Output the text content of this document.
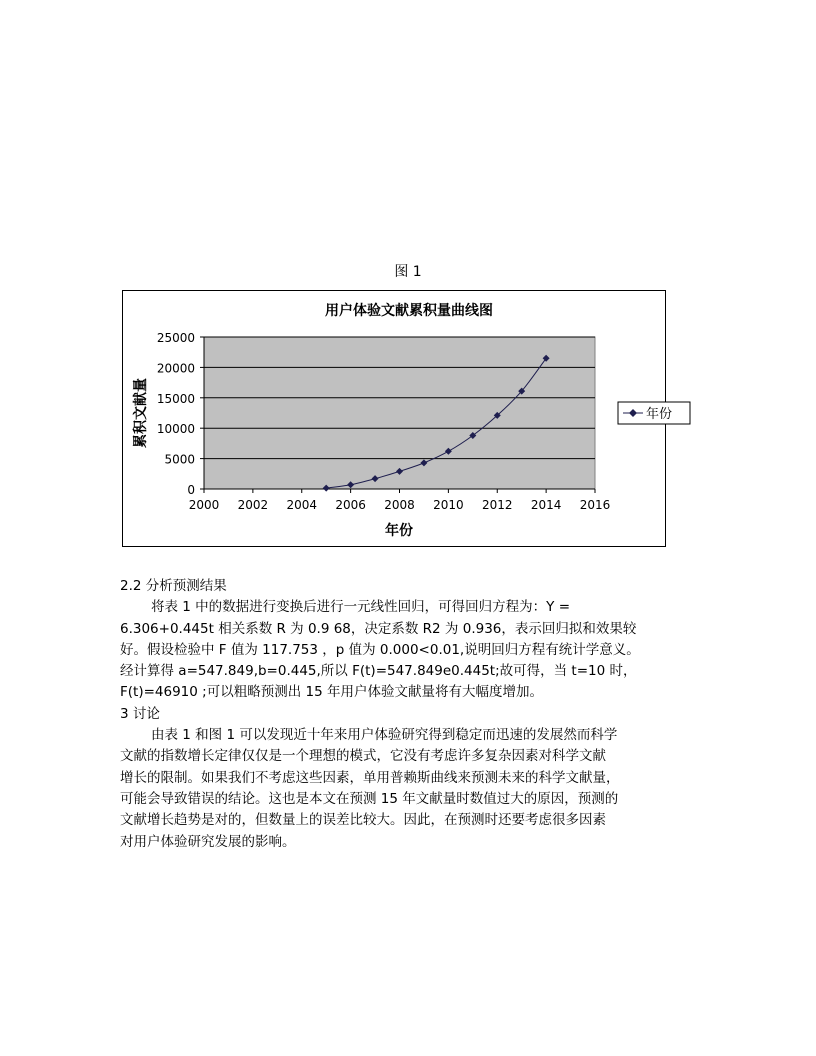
图 1
用户体验文献累积量曲线图
0
5000
10000
15000
20000
25000
2000 2002 2004 2006 2008 2010 2012 2014 2016
年份
累积文献量	年份

2.2 分析预测结果

将表 1 中的数据进行变换后进行一元线性回归，可得回归方程为：Y =

6.306+0.445t 相关系数 R 为 0.9 68，决定系数 R2 为 0.936，表示回归拟和效果较

好。假设检验中 F 值为 117.753 ，p 值为 0.000<0.01,说明回归方程有统计学意义。

经计算得 a=547.849,b=0.445,所以 F(t)=547.849e0.445t;故可得，当 t=10 时，

F(t)=46910 ;可以粗略预测出 15 年用户体验文献量将有大幅度增加。

3 讨论

由表 1 和图 1 可以发现近十年来用户体验研究得到稳定而迅速的发展然而科学

文献的指数增长定律仅仅是一个理想的模式，它没有考虑许多复杂因素对科学文献

增长的限制。如果我们不考虑这些因素，单用普赖斯曲线来预测未来的科学文献量，

可能会导致错误的结论。这也是本文在预测 15 年文献量时数值过大的原因，预测的

文献增长趋势是对的，但数量上的误差比较大。因此，在预测时还要考虑很多因素

对用户体验研究发展的影响。
